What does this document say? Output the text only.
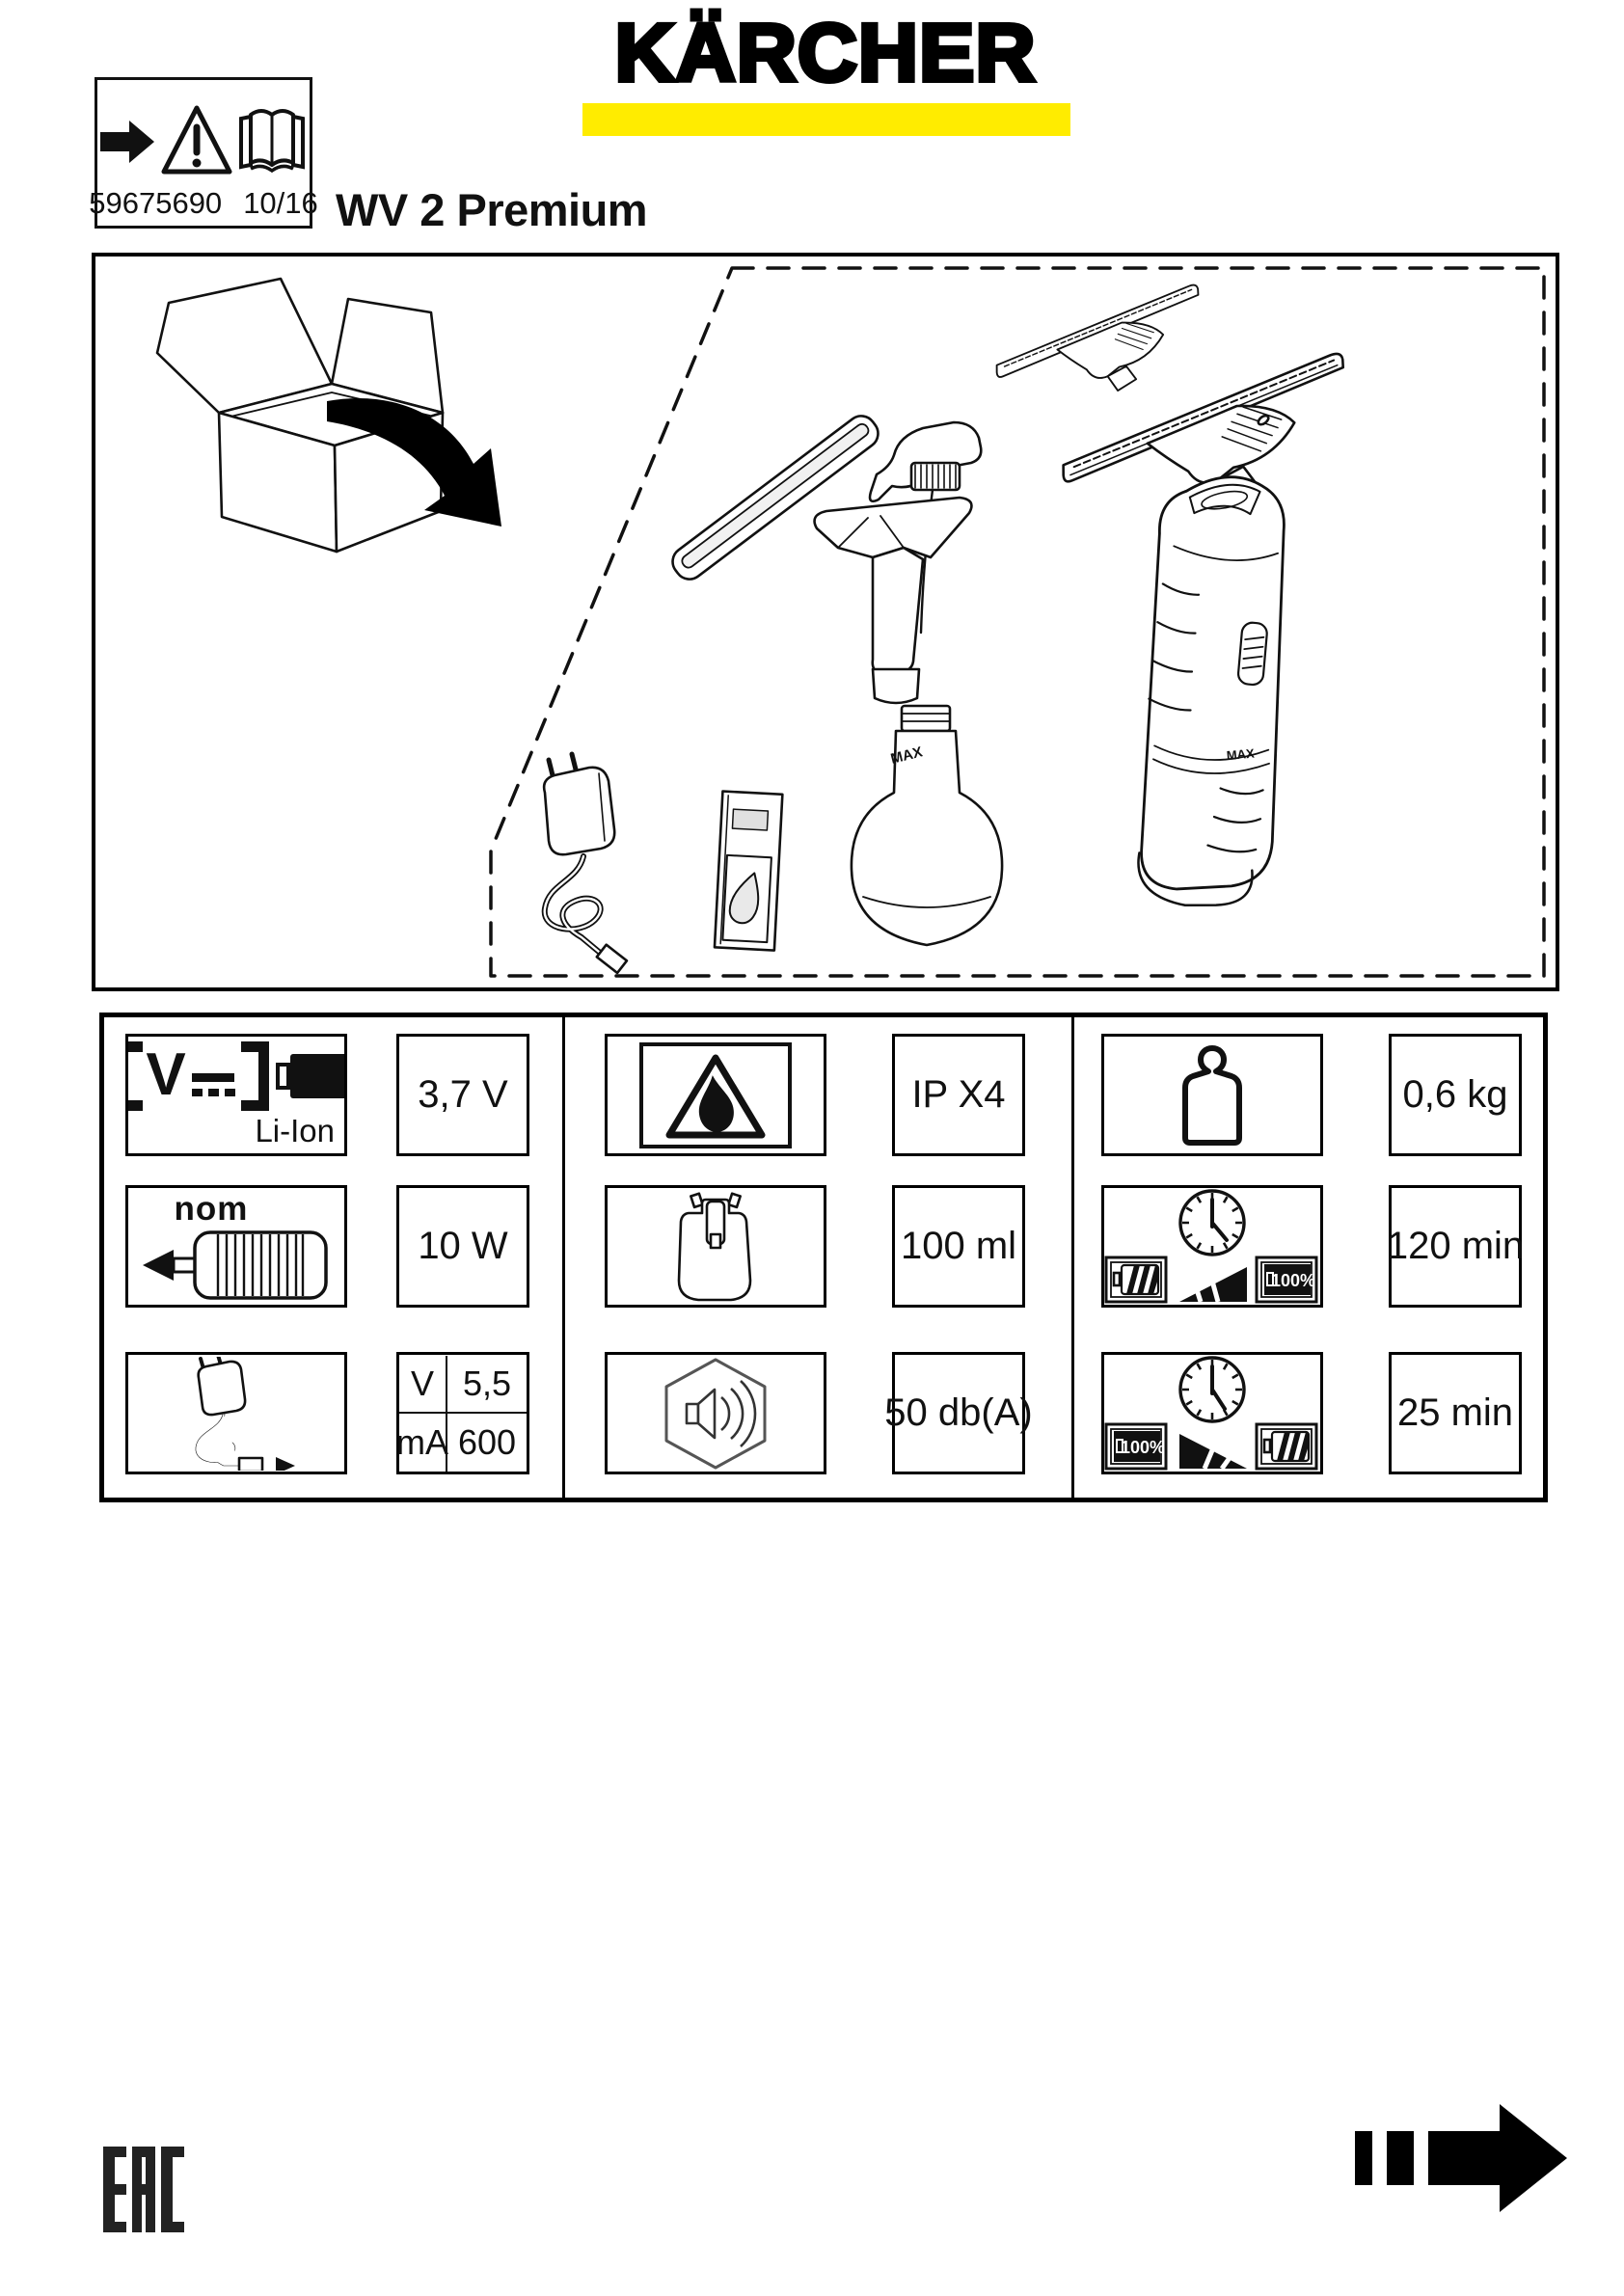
KÄRCHER
59675690 10/16 WV 2 Premium
MAX	MAX
V
Li-Ion
3,7 V
nom
10 W
V 5,5
mA 600
IP X4
100 ml
50 db(A)
0,6 kg
100%
120 min
100%
25 min
